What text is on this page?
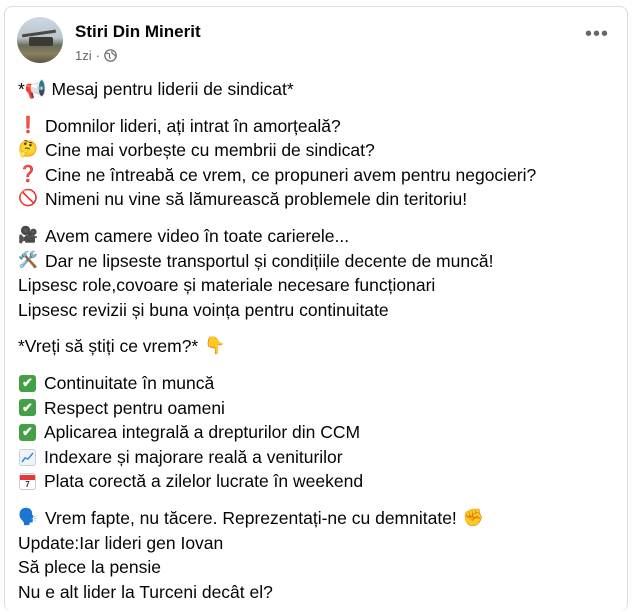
Stiri Din Minerit
1zi ·
•••
*📢 Mesaj pentru liderii de sindicat*
❗ Domnilor lideri, ați intrat în amorțeală?
🤔 Cine mai vorbește cu membrii de sindicat?
❓ Cine ne întreabă ce vrem, ce propuneri avem pentru negocieri?
🚫 Nimeni nu vine să lămurească problemele din teritoriu!
🎥 Avem camere video în toate carierele...
🛠️ Dar ne lipseste transportul și condițiile decente de muncă!
Lipsesc role,covoare și materiale necesare funcționari
Lipsesc revizii și buna voința pentru continuitate
*Vreți să știți ce vrem?* 👇
✔ Continuitate în muncă
✔ Respect pentru oameni
✔ Aplicarea integrală a drepturilor din CCM
Indexare și majorare reală a veniturilor
7 Plata corectă a zilelor lucrate în weekend
🗣️ Vrem fapte, nu tăcere. Reprezentați-ne cu demnitate! ✊
Update:Iar lideri gen Iovan
Să plece la pensie
Nu e alt lider la Turceni decât el?
